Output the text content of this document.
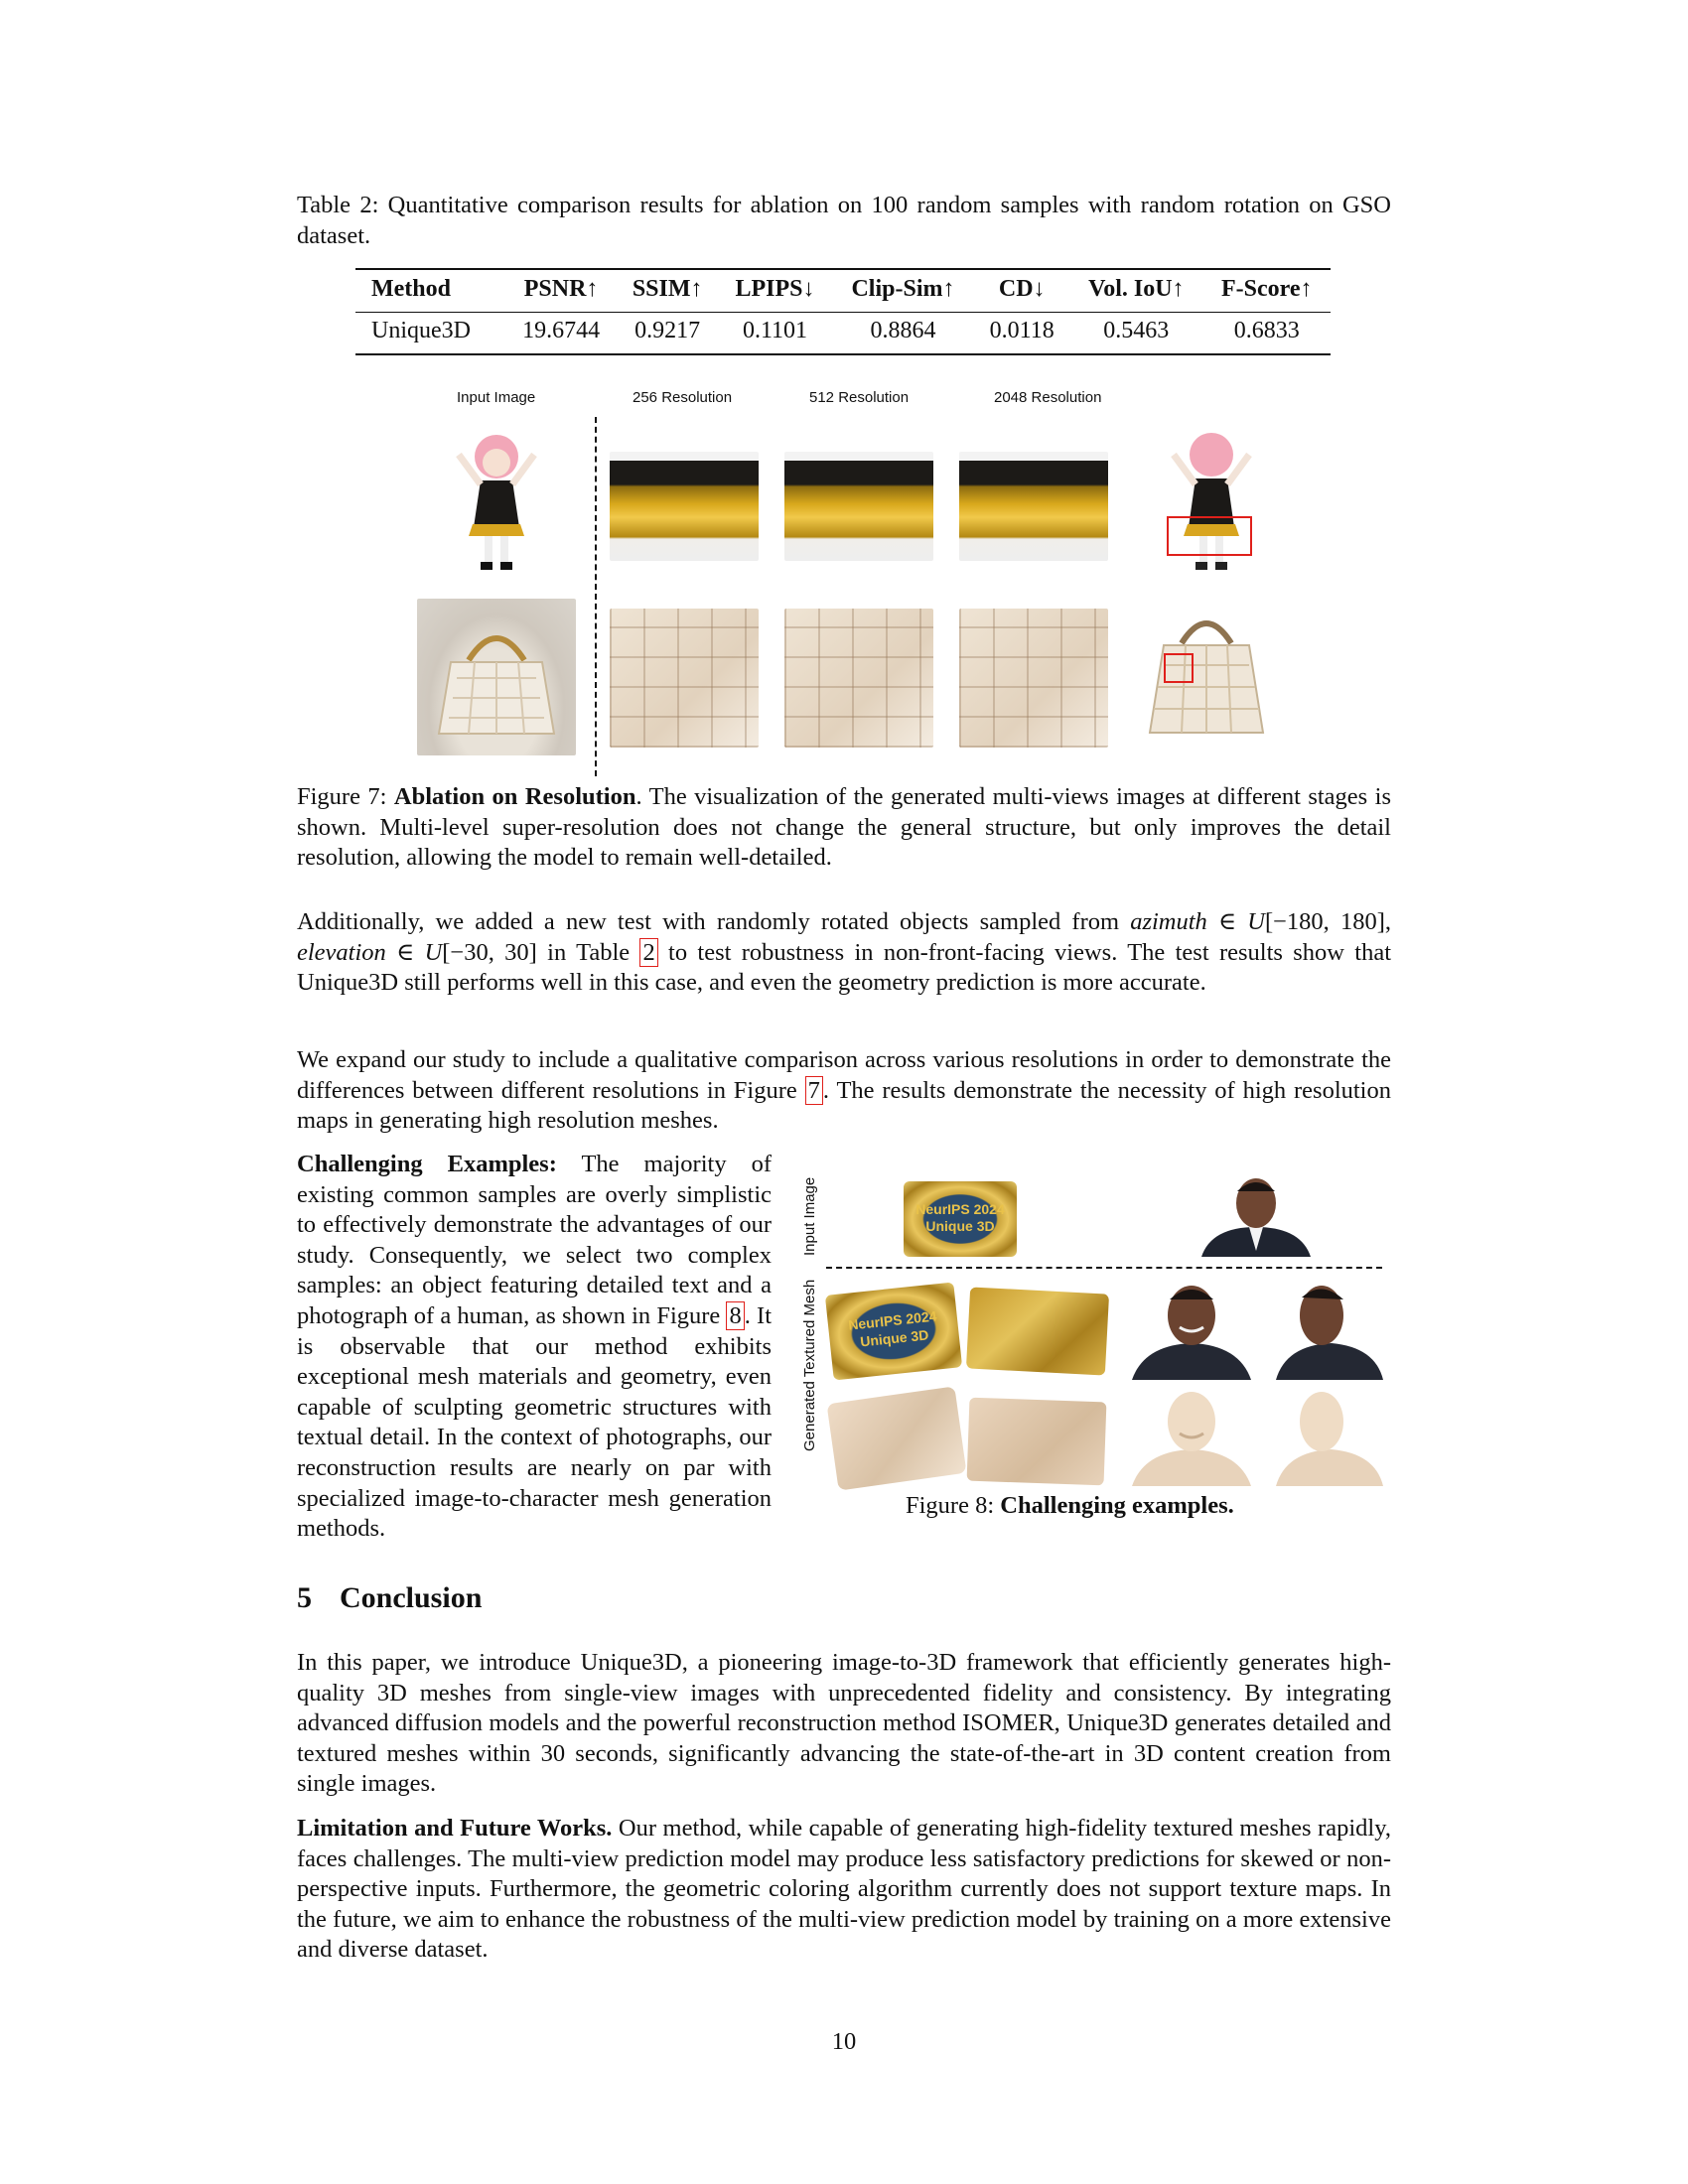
Table 2: Quantitative comparison results for ablation on 100 random samples with random rotation on GSO dataset.
Method	PSNR↑	SSIM↑	LPIPS↓	Clip-Sim↑	CD↓	Vol. IoU↑	F-Score↑
Unique3D	19.6744	0.9217	0.1101	0.8864	0.0118	0.5463	0.6833
Input Image	256 Resolution	512 Resolution	2048 Resolution
Figure 7: Ablation on Resolution. The visualization of the generated multi-views images at different stages is shown. Multi-level super-resolution does not change the general structure, but only improves the detail resolution, allowing the model to remain well-detailed.
Additionally, we added a new test with randomly rotated objects sampled from azimuth ∈ U[−180, 180], elevation ∈ U[−30, 30] in Table 2 to test robustness in non-front-facing views. The test results show that Unique3D still performs well in this case, and even the geometry prediction is more accurate.
We expand our study to include a qualitative comparison across various resolutions in order to demonstrate the differences between different resolutions in Figure 7 . The results demonstrate the necessity of high resolution maps in generating high resolution meshes.
Challenging Examples: The majority of existing common samples are overly simplistic to effectively demonstrate the advantages of our study. Consequently, we select two complex samples: an object featuring detailed text and a photograph of a human, as shown in Figure 8 . It is observable that our method exhibits exceptional mesh materials and geometry, even capable of sculpting geometric structures with textual detail. In the context of photographs, our reconstruction results are nearly on par with specialized image-to-character mesh generation methods.
Input Image
Generated Textured Mesh
NeurIPS 2024
Unique 3D
NeurIPS 2024
Unique 3D
Figure 8: Challenging examples.
5 Conclusion
In this paper, we introduce Unique3D, a pioneering image-to-3D framework that efficiently generates high-quality 3D meshes from single-view images with unprecedented fidelity and consistency. By integrating advanced diffusion models and the powerful reconstruction method ISOMER, Unique3D generates detailed and textured meshes within 30 seconds, significantly advancing the state-of-the-art in 3D content creation from single images.
Limitation and Future Works. Our method, while capable of generating high-fidelity textured meshes rapidly, faces challenges. The multi-view prediction model may produce less satisfactory predictions for skewed or non-perspective inputs. Furthermore, the geometric coloring algorithm currently does not support texture maps. In the future, we aim to enhance the robustness of the multi-view prediction model by training on a more extensive and diverse dataset.
10
